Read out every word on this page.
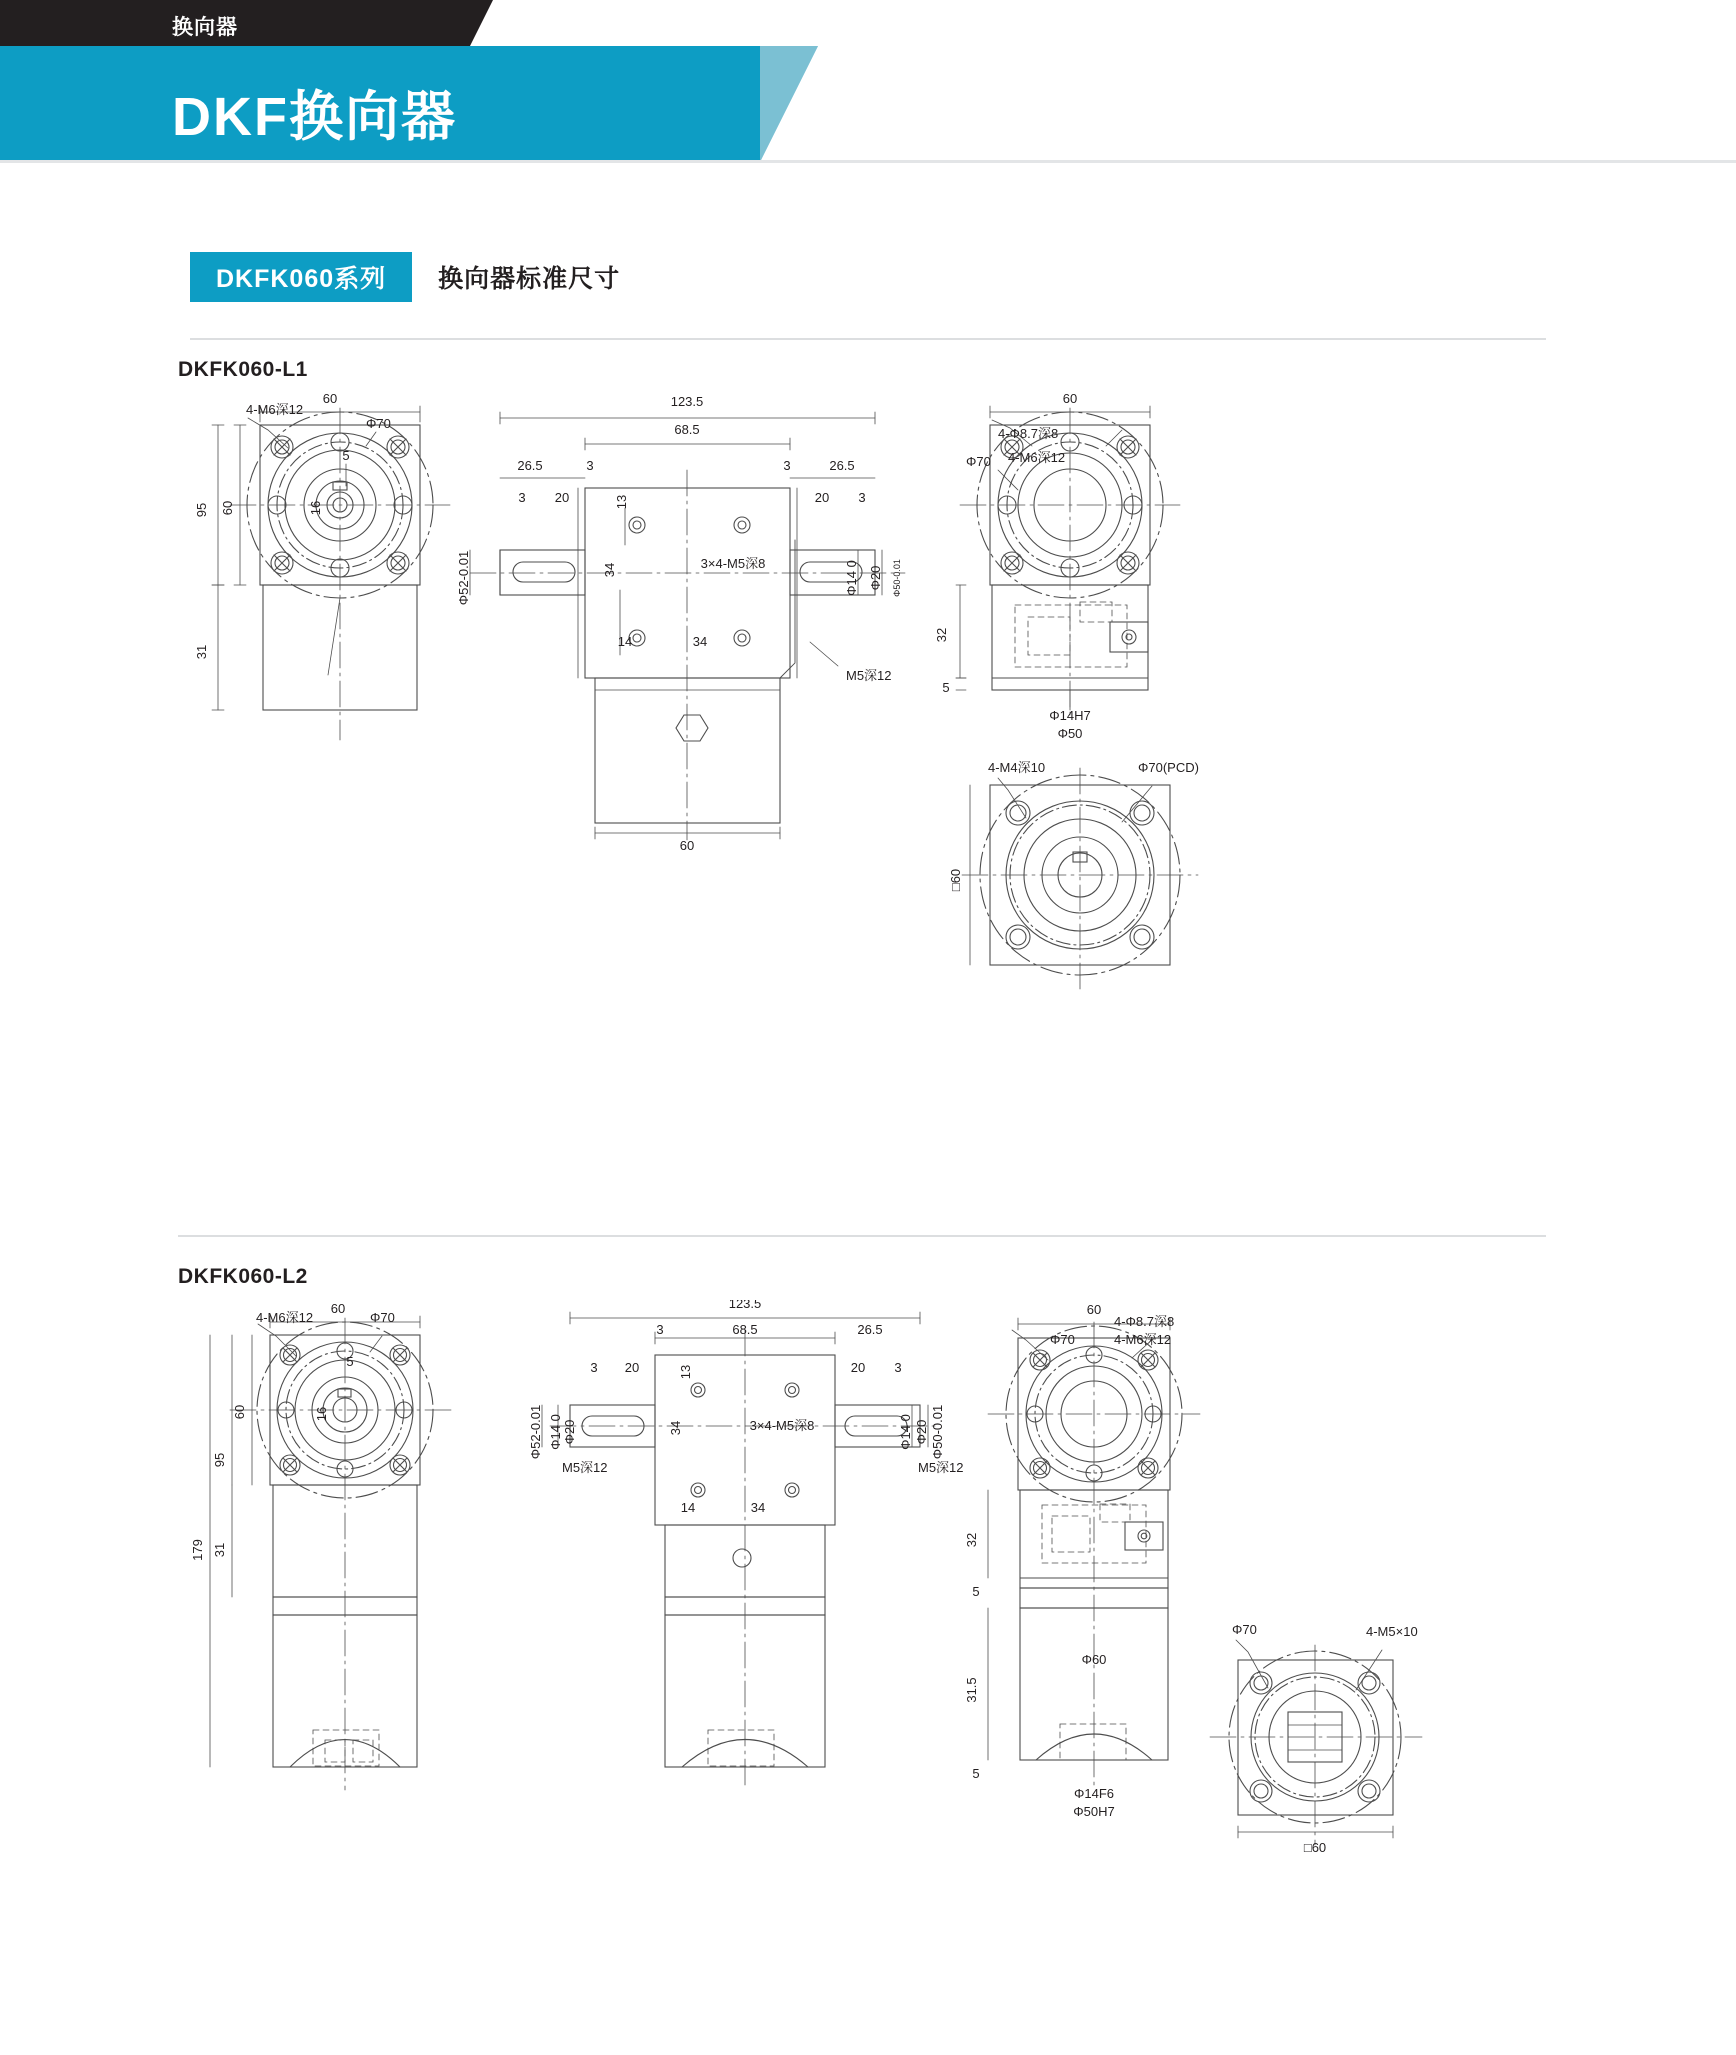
换向器
DKF换向器
DKFK060系列	换向器标准尺寸
DKFK060-L1
60
95 60
31
5
16
4-M6深12
Φ70
123.5
68.5
26.5	26.5
3	3
3 20	20 3
13
34	3×4-M5深8
14	34
60
Φ52-0.01	Φ14 0 Φ20
M5深12
60
4-Φ8.7深8
4-M6深12
Φ70
32
5
Φ14H7
Φ50
□60
4-M4深10	Φ70(PCD)
Φ50-0.01
DKFK060-L2
60
179
95
60
31
5
16
4-M6深12	Φ70
123.5
68.5	26.5
3
3 20	20 3
13
34	3×4-M5深8
14	34
Φ52-0.01 Φ14 0 Φ20
M5深12
Φ14 0 Φ20 Φ50-0.01
M5深12
60
4-Φ8.7深8
4-M6深12
Φ70
32
5
31.5
5
Φ60
Φ14F6
Φ50H7
Φ70	4-M5×10
□60
